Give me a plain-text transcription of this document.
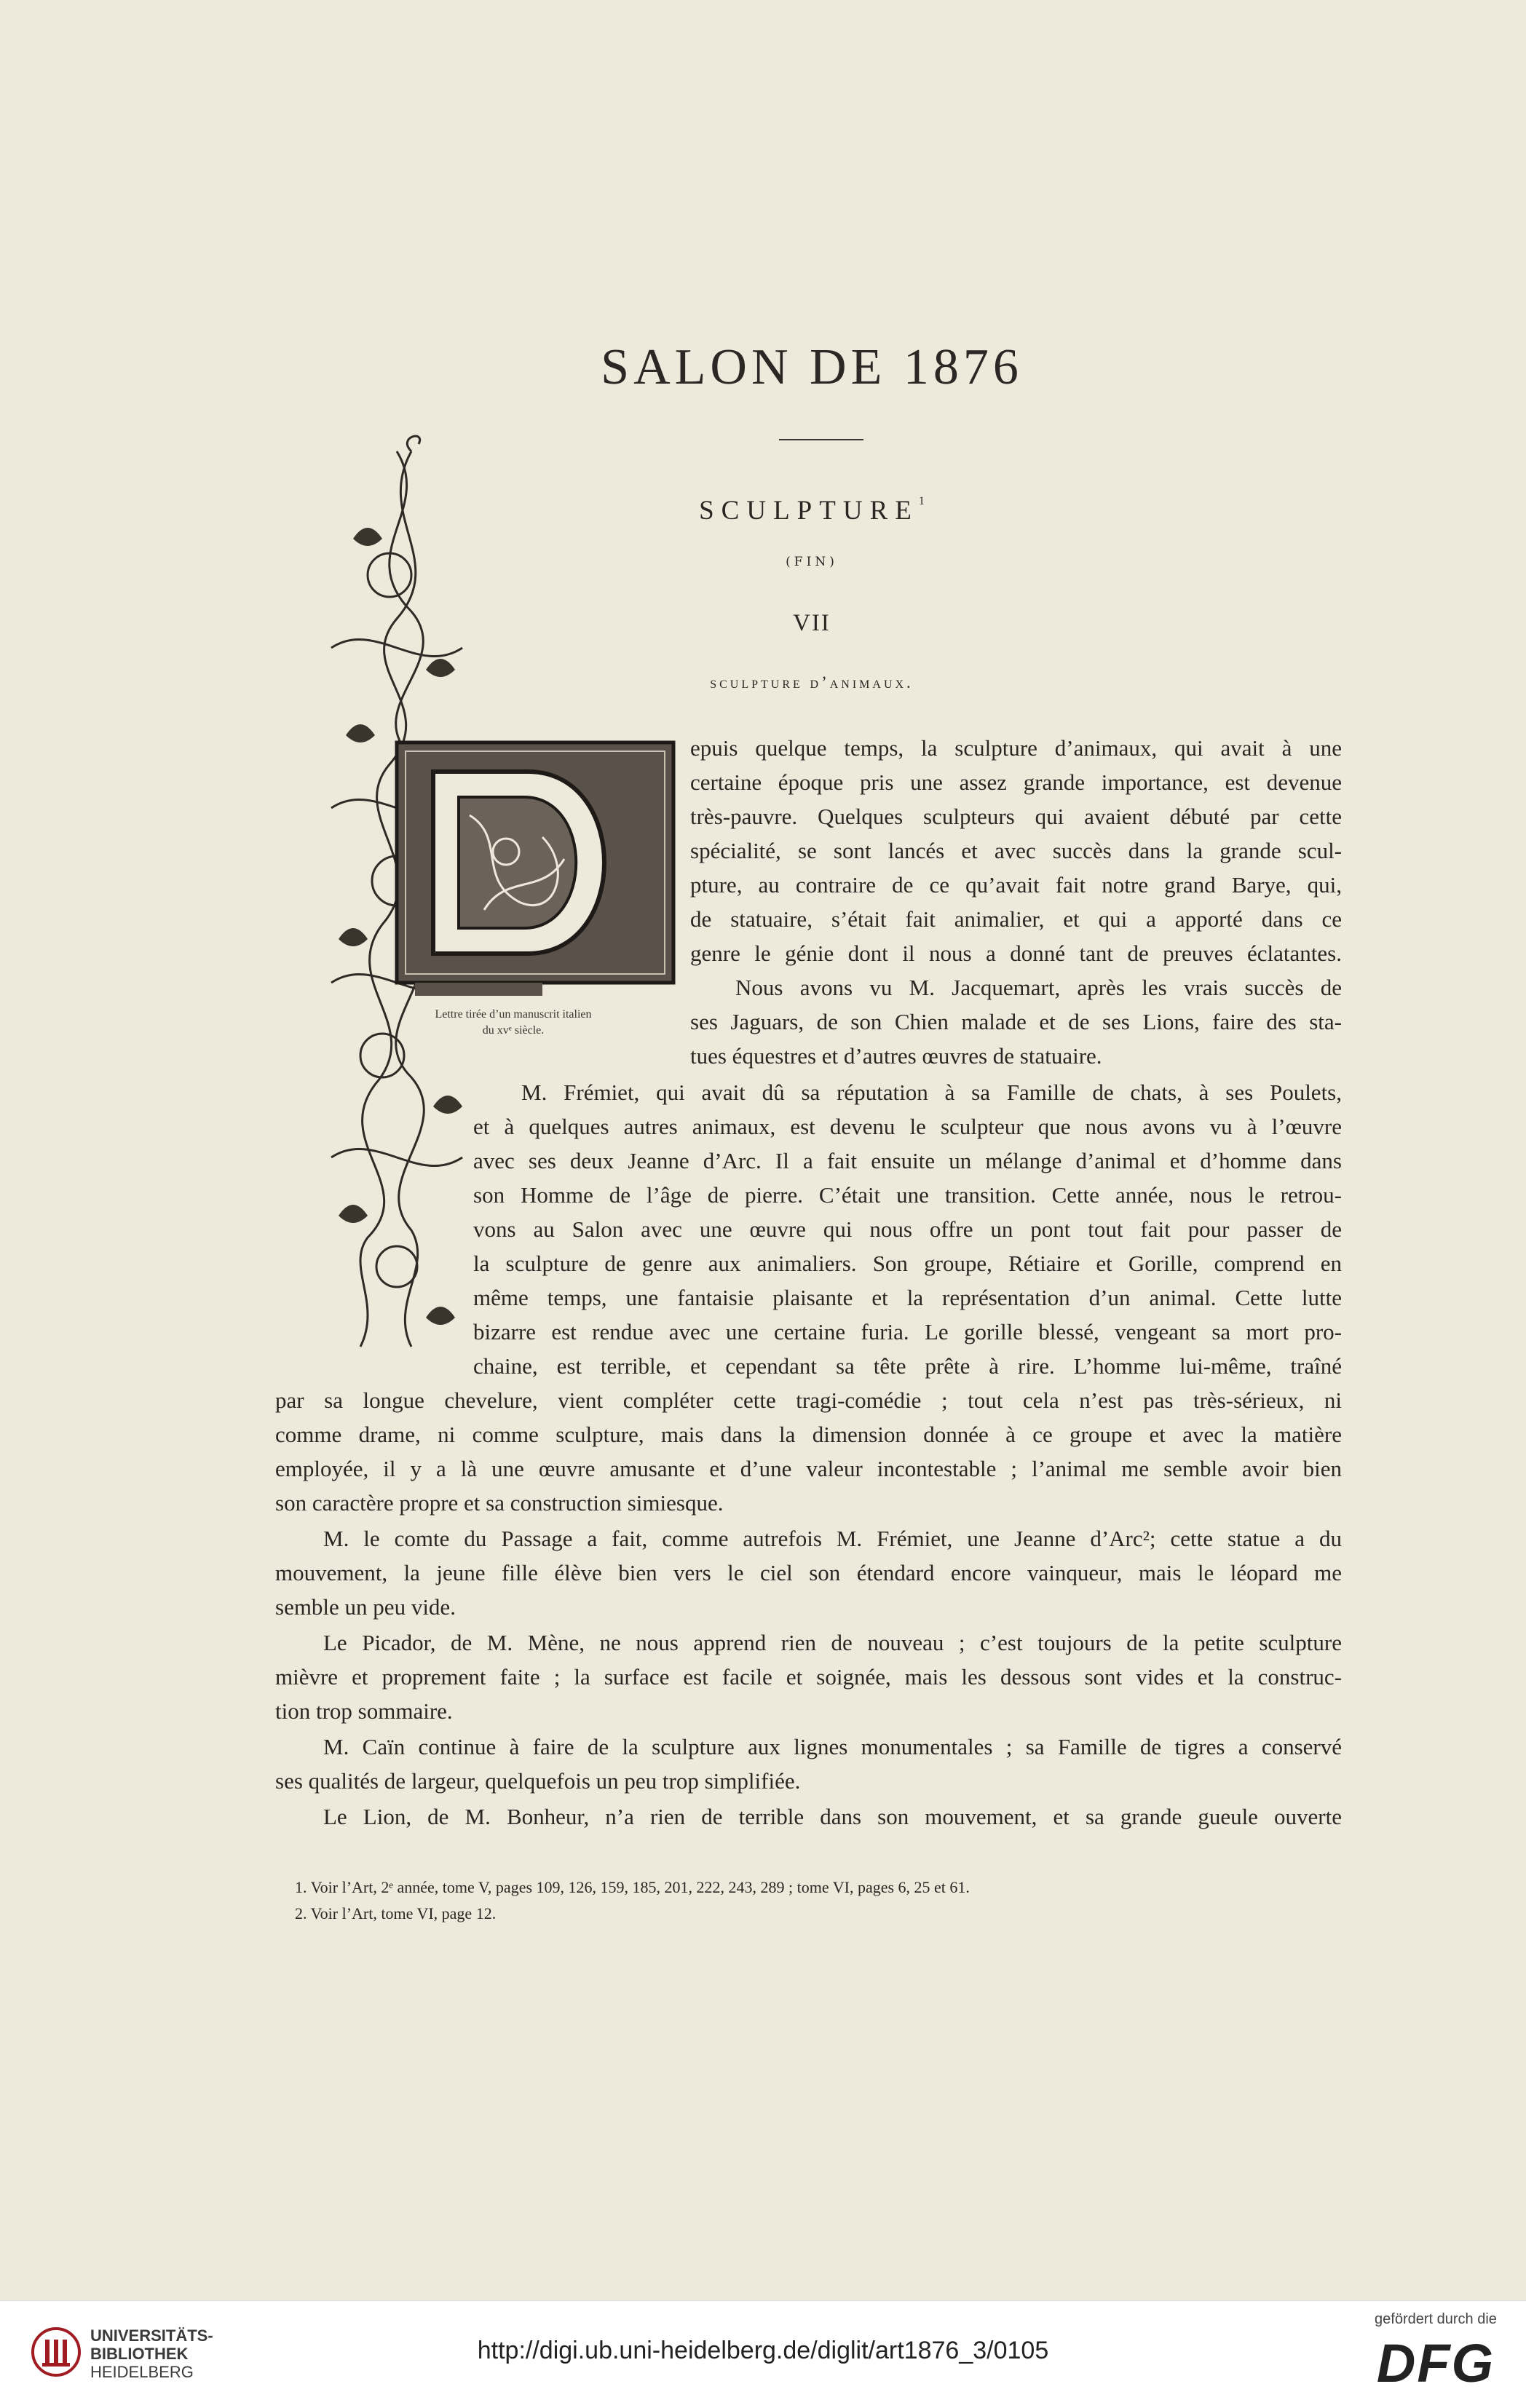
SALON DE 1876
SCULPTURE$^1$
(FIN)
VII
sculpture d’animaux.
Lettre tirée d’un manuscrit italien
du xvᵉ siècle.
epuis quelque temps, la sculpture d’animaux, qui avait à une
certaine époque pris une assez grande importance, est devenue
très-pauvre. Quelques sculpteurs qui avaient débuté par cette
spécialité, se sont lancés et avec succès dans la grande scul-
pture, au contraire de ce qu’avait fait notre grand Barye, qui,
de statuaire, s’était fait animalier, et qui a apporté dans ce
genre le génie dont il nous a donné tant de preuves éclatantes.
Nous avons vu M. Jacquemart, après les vrais succès de
ses Jaguars, de son Chien malade et de ses Lions, faire des sta-
tues équestres et d’autres œuvres de statuaire.
M. Frémiet, qui avait dû sa réputation à sa Famille de chats, à ses Poulets,
et à quelques autres animaux, est devenu le sculpteur que nous avons vu à l’œuvre
avec ses deux Jeanne d’Arc. Il a fait ensuite un mélange d’animal et d’homme dans
son Homme de l’âge de pierre. C’était une transition. Cette année, nous le retrou-
vons au Salon avec une œuvre qui nous offre un pont tout fait pour passer de
la sculpture de genre aux animaliers. Son groupe, Rétiaire et Gorille, comprend en
même temps, une fantaisie plaisante et la représentation d’un animal. Cette lutte
bizarre est rendue avec une certaine furia. Le gorille blessé, vengeant sa mort pro-
chaine, est terrible, et cependant sa tête prête à rire. L’homme lui-même, traîné
par sa longue chevelure, vient compléter cette tragi-comédie ; tout cela n’est pas très-sérieux, ni
comme drame, ni comme sculpture, mais dans la dimension donnée à ce groupe et avec la matière
employée, il y a là une œuvre amusante et d’une valeur incontestable ; l’animal me semble avoir bien
son caractère propre et sa construction simiesque.
M. le comte du Passage a fait, comme autrefois M. Frémiet, une Jeanne d’Arc²; cette statue a du
mouvement, la jeune fille élève bien vers le ciel son étendard encore vainqueur, mais le léopard me
semble un peu vide.
Le Picador, de M. Mène, ne nous apprend rien de nouveau ; c’est toujours de la petite sculpture
mièvre et proprement faite ; la surface est facile et soignée, mais les dessous sont vides et la construc-
tion trop sommaire.
M. Caïn continue à faire de la sculpture aux lignes monumentales ; sa Famille de tigres a conservé
ses qualités de largeur, quelquefois un peu trop simplifiée.
Le Lion, de M. Bonheur, n’a rien de terrible dans son mouvement, et sa grande gueule ouverte
1. Voir l’Art, 2ᵉ année, tome V, pages 109, 126, 159, 185, 201, 222, 243, 289 ; tome VI, pages 6, 25 et 61.
2. Voir l’Art, tome VI, page 12.
UNIVERSITÄTS-
BIBLIOTHEK
HEIDELBERG
http://digi.ub.uni-heidelberg.de/diglit/art1876_3/0105
gefördert durch die
DFG
